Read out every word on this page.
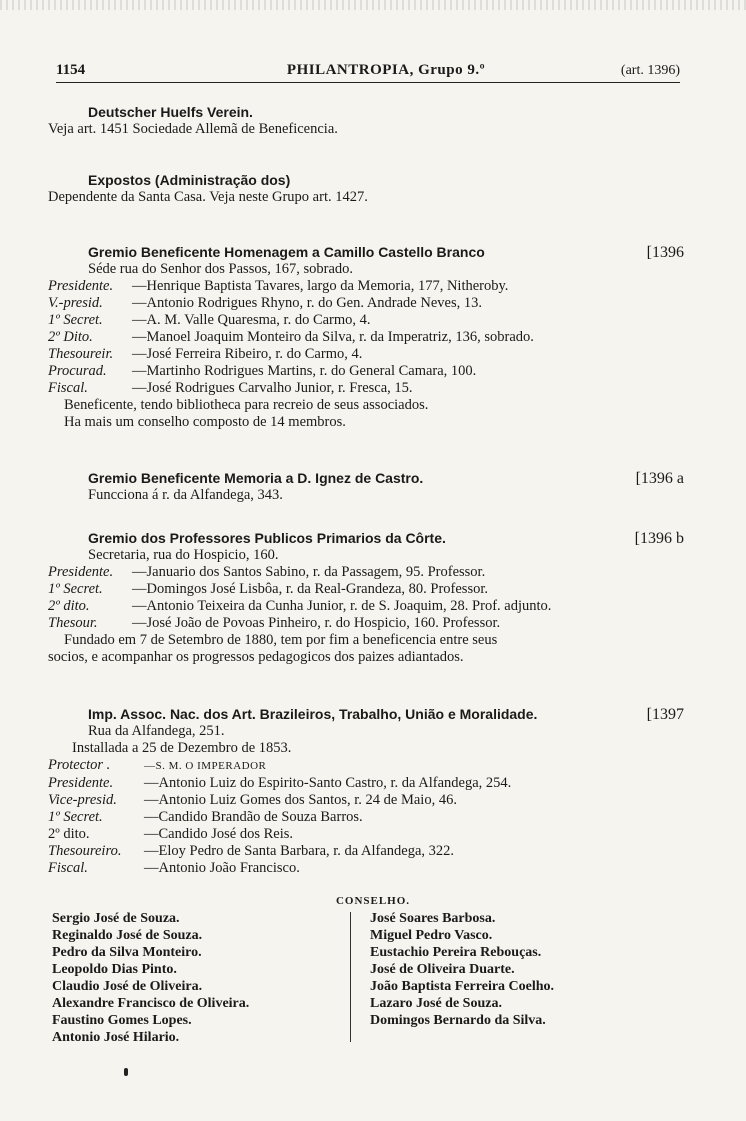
1154	PHILANTROPIA, Grupo 9.º	(art. 1396)
Deutscher Huelfs Verein.
Veja art. 1451 Sociedade Allemã de Beneficencia.
Expostos (Administração dos)
Dependente da Santa Casa. Veja neste Grupo art. 1427.
Gremio Beneficente Homenagem a Camillo Castello Branco	[1396
Séde rua do Senhor dos Passos, 167, sobrado.
Presidente. —Henrique Baptista Tavares, largo da Memoria, 177, Nitheroby.
V.-presid. —Antonio Rodrigues Rhyno, r. do Gen. Andrade Neves, 13.
1º Secret. —A. M. Valle Quaresma, r. do Carmo, 4.
2º Dito.	—Manoel Joaquim Monteiro da Silva, r. da Imperatriz, 136, sobrado.
Thesoureir. —José Ferreira Ribeiro, r. do Carmo, 4.
Procurad. —Martinho Rodrigues Martins, r. do General Camara, 100.
Fiscal.	—José Rodrigues Carvalho Junior, r. Fresca, 15.
Beneficente, tendo bibliotheca para recreio de seus associados.
Ha mais um conselho composto de 14 membros.
Gremio Beneficente Memoria a D. Ignez de Castro.	[1396 a
Funcciona á r. da Alfandega, 343.
Gremio dos Professores Publicos Primarios da Côrte.	[1396 b
Secretaria, rua do Hospicio, 160.
Presidente. —Januario dos Santos Sabino, r. da Passagem, 95. Professor.
1º Secret. —Domingos José Lisbôa, r. da Real-Grandeza, 80. Professor.
2º dito.	—Antonio Teixeira da Cunha Junior, r. de S. Joaquim, 28. Prof. adjunto.
Thesour. —José João de Povoas Pinheiro, r. do Hospicio, 160. Professor.
Fundado em 7 de Setembro de 1880, tem por fim a beneficencia entre seus
socios, e acompanhar os progressos pedagogicos dos paizes adiantados.
Imp. Assoc. Nac. dos Art. Brazileiros, Trabalho, União e Moralidade.	[1397
Rua da Alfandega, 251.
Installada a 25 de Dezembro de 1853.
Protector .	—S. M. O IMPERADOR
Presidente. —Antonio Luiz do Espirito-Santo Castro, r. da Alfandega, 254.
Vice-presid. —Antonio Luiz Gomes dos Santos, r. 24 de Maio, 46.
1º Secret.	—Candido Brandão de Souza Barros.
2º dito.	—Candido José dos Reis.
Thesoureiro. —Eloy Pedro de Santa Barbara, r. da Alfandega, 322.
Fiscal.	—Antonio João Francisco.
CONSELHO.
Sergio José de Souza.
Reginaldo José de Souza.
Pedro da Silva Monteiro.
Leopoldo Dias Pinto.
Claudio José de Oliveira.
Alexandre Francisco de Oliveira.
Faustino Gomes Lopes.
Antonio José Hilario.
José Soares Barbosa.
Miguel Pedro Vasco.
Eustachio Pereira Rebouças.
José de Oliveira Duarte.
João Baptista Ferreira Coelho.
Lazaro José de Souza.
Domingos Bernardo da Silva.
